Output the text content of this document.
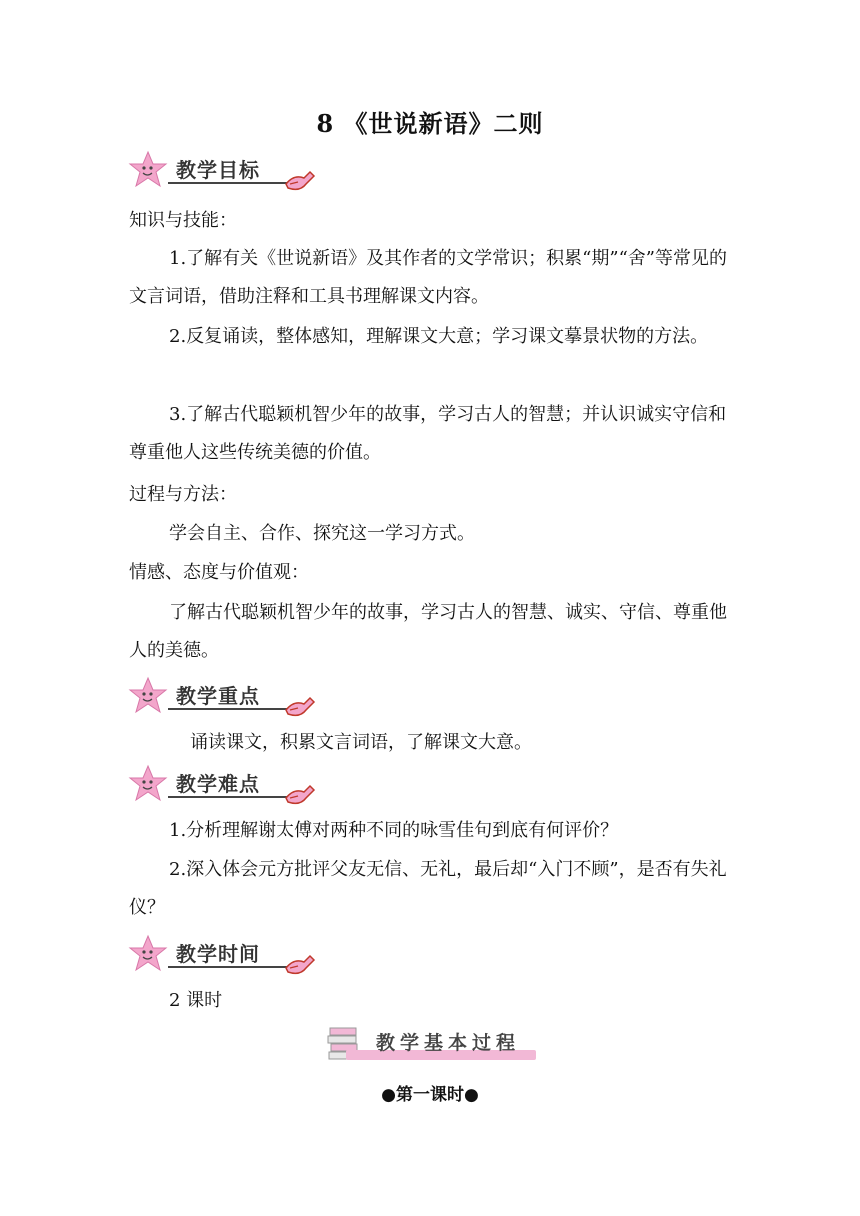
8 《世说新语》二则
教学目标

知识与技能：

1.了解有关《世说新语》及其作者的文学常识；积累“期”“舍”等常见的文言词语，借助注释和工具书理解课文内容。

2.反复诵读，整体感知，理解课文大意；学习课文摹景状物的方法。

3.了解古代聪颖机智少年的故事，学习古人的智慧；并认识诚实守信和尊重他人这些传统美德的价值。

过程与方法：

学会自主、合作、探究这一学习方式。

情感、态度与价值观：

了解古代聪颖机智少年的故事，学习古人的智慧、诚实、守信、尊重他人的美德。

教学重点

诵读课文，积累文言词语，了解课文大意。

教学难点

1.分析理解谢太傅对两种不同的咏雪佳句到底有何评价？

2.深入体会元方批评父友无信、无礼，最后却“入门不顾”，是否有失礼仪？

教学时间

2 课时

教学基本过程
●第一课时●
